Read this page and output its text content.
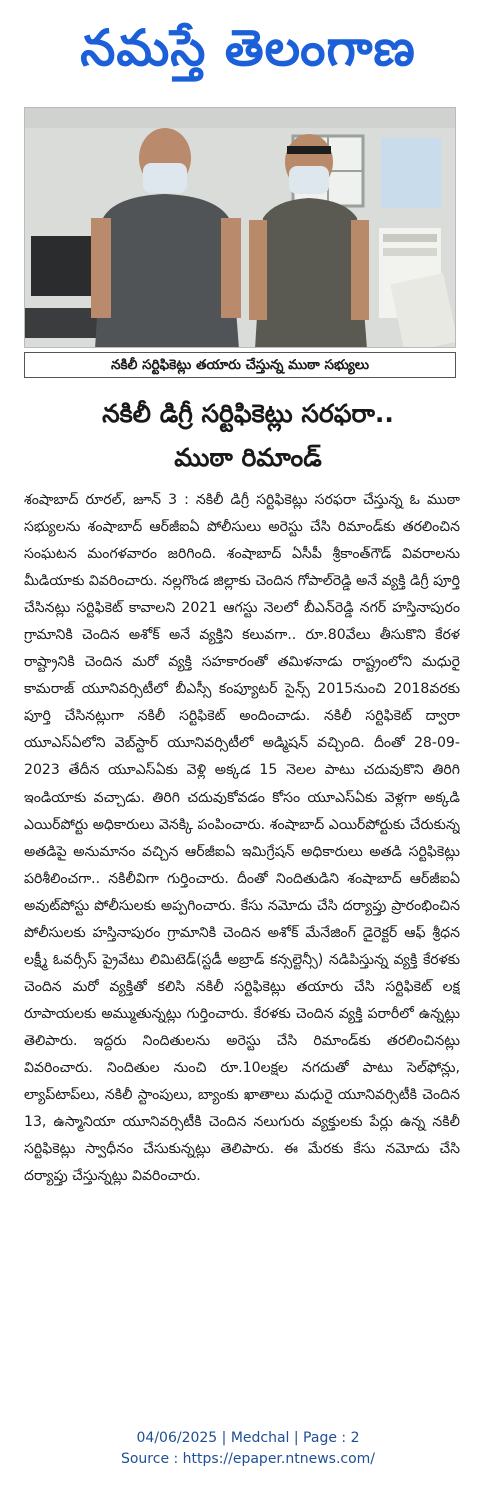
నమస్తే తెలంగాణ
నకిలీ సర్టిఫికెట్లు తయారు చేస్తున్న ముఠా సభ్యులు
నకిలీ డిగ్రీ సర్టిఫికెట్లు సరఫరా..
ముఠా రిమాండ్

శంషాబాద్ రూరల్, జూన్ 3 : నకిలీ డిగ్రీ సర్టిఫికెట్లు సరఫరా చేస్తున్న ఓ ముఠా సభ్యులను శంషాబాద్ ఆర్‌జీఐఏ పోలీసులు అరెస్టు చేసి రిమాండ్‌కు తరలించిన సంఘటన మంగళవారం జరిగింది. శంషాబాద్ ఏసీపీ శ్రీకాంత్‌గౌడ్ వివరాలను మీడియాకు వివరించారు. నల్లగొండ జిల్లాకు చెందిన గోపాల్‌రెడ్డి అనే వ్యక్తి డిగ్రీ పూర్తి చేసినట్లు సర్టిఫికెట్ కావాలని 2021 ఆగస్టు నెలలో బీఎన్‌రెడ్డి నగర్ హస్తినాపురం గ్రామానికి చెందిన అశోక్ అనే వ్యక్తిని కలువగా.. రూ.80వేలు తీసుకొని కేరళ రాష్ట్రానికి చెందిన మరో వ్యక్తి సహకారంతో తమిళనాడు రాష్ట్రంలోని మధురై కామరాజ్ యూనివర్సిటీలో బీఎస్సీ కంప్యూటర్ సైన్స్ 2015నుంచి 2018వరకు పూర్తి చేసినట్లుగా నకిలీ సర్టిఫికెట్ అందించాడు. నకిలీ సర్టిఫికెట్ ద్వారా యూఎస్‌ఏలోని వెబ్‌స్టార్ యూనివర్సిటీలో అడ్మిషన్ వచ్చింది. దీంతో 28-09-2023 తేదీన యూఎస్‌ఏకు వెళ్లి అక్కడ 15 నెలల పాటు చదువుకొని తిరిగి ఇండియాకు వచ్చాడు. తిరిగి చదువుకోవడం కోసం యూఎస్‌ఏకు వెళ్లగా అక్కడి ఎయిర్‌పోర్టు అధికారులు వెనక్కి పంపించారు. శంషాబాద్ ఎయిర్‌పోర్టుకు చేరుకున్న అతడిపై అనుమానం వచ్చిన ఆర్‌జీఐఏ ఇమిగ్రేషన్ అధికారులు అతడి సర్టిఫికెట్లు పరిశీలించగా.. నకిలీవిగా గుర్తించారు. దీంతో నిందితుడిని శంషాబాద్ ఆర్‌జీఐఏ అవుట్‌పోస్టు పోలీసులకు అప్పగించారు. కేసు నమోదు చేసి దర్యాప్తు ప్రారంభించిన పోలీసులకు హస్తినాపురం గ్రామానికి చెందిన అశోక్ మేనేజింగ్ డైరెక్టర్ ఆఫ్ శ్రీధన లక్ష్మీ ఓవర్సీస్ ప్రైవేటు లిమిటెడ్(స్టడీ అబ్రాడ్ కన్సల్టెన్సీ) నడిపిస్తున్న వ్యక్తి కేరళకు చెందిన మరో వ్యక్తితో కలిసి నకిలీ సర్టిఫికెట్లు తయారు చేసి సర్టిఫికెట్ లక్ష రూపాయలకు అమ్ముతున్నట్లు గుర్తించారు. కేరళకు చెందిన వ్యక్తి పరారీలో ఉన్నట్లు తెలిపారు. ఇద్దరు నిందితులను అరెస్టు చేసి రిమాండ్‌కు తరలించినట్లు వివరించారు. నిందితుల నుంచి రూ.10లక్షల నగదుతో పాటు సెల్‌ఫోన్లు, ల్యాప్‌టాప్‌లు, నకిలీ స్టాంపులు, బ్యాంకు ఖాతాలు మధురై యూనివర్సిటీకి చెందిన 13, ఉస్మానియా యూనివర్సిటీకి చెందిన నలుగురు వ్యక్తులకు పేర్లు ఉన్న నకిలీ సర్టిఫికెట్లు స్వాధీనం చేసుకున్నట్లు తెలిపారు. ఈ మేరకు కేసు నమోదు చేసి దర్యాప్తు చేస్తున్నట్లు వివరించారు.

04/06/2025 | Medchal | Page : 2
Source : https://epaper.ntnews.com/
